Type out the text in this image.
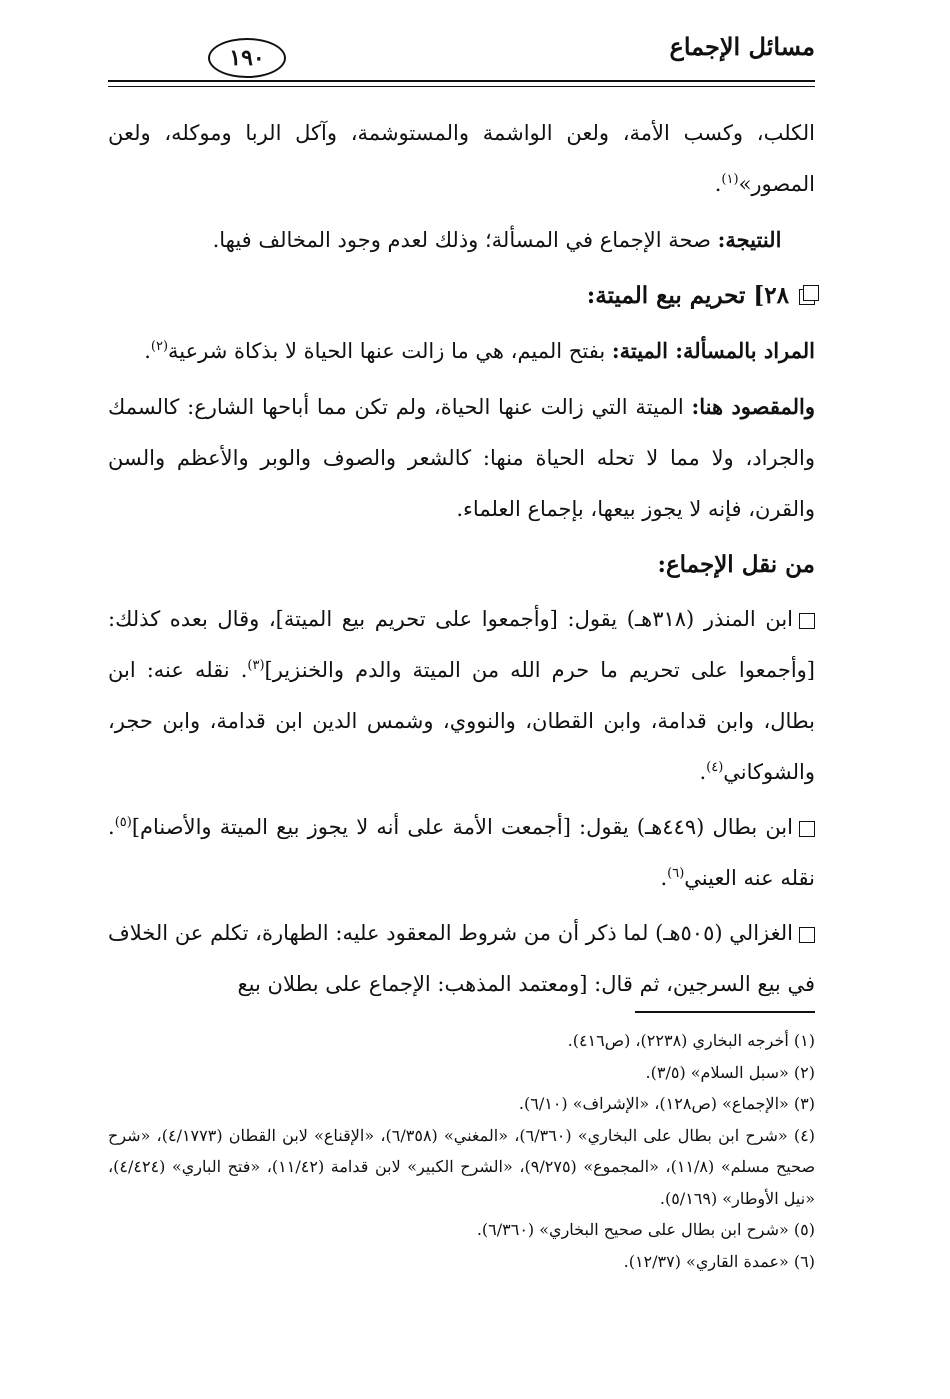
مسائل الإجماع
١٩٠

الكلب، وكسب الأمة، ولعن الواشمة والمستوشمة، وآكل الربا وموكله، ولعن المصور»$^{(١)}$.

النتيجة: صحة الإجماع في المسألة؛ وذلك لعدم وجود المخالف فيها.

٢٨] تحريم بيع الميتة:

المراد بالمسألة: الميتة: بفتح الميم، هي ما زالت عنها الحياة لا بذكاة شرعية$^{(٢)}$.

والمقصود هنا: الميتة التي زالت عنها الحياة، ولم تكن مما أباحها الشارع: كالسمك والجراد، ولا مما لا تحله الحياة منها: كالشعر والصوف والوبر والأعظم والسن والقرن، فإنه لا يجوز بيعها، بإجماع العلماء.

من نقل الإجماع:

ابن المنذر (٣١٨هـ) يقول: [وأجمعوا على تحريم بيع الميتة]، وقال بعده كذلك: [وأجمعوا على تحريم ما حرم الله من الميتة والدم والخنزير]$^{(٣)}$. نقله عنه: ابن بطال، وابن قدامة، وابن القطان، والنووي، وشمس الدين ابن قدامة، وابن حجر، والشوكاني$^{(٤)}$.

ابن بطال (٤٤٩هـ) يقول: [أجمعت الأمة على أنه لا يجوز بيع الميتة والأصنام]$^{(٥)}$. نقله عنه العيني$^{(٦)}$.

الغزالي (٥٠٥هـ) لما ذكر أن من شروط المعقود عليه: الطهارة، تكلم عن الخلاف في بيع السرجين، ثم قال: [ومعتمد المذهب: الإجماع على بطلان بيع

(١) أخرجه البخاري (٢٢٣٨)، (ص٤١٦).

(٢) «سبل السلام» (٣/٥).

(٣) «الإجماع» (ص١٢٨)، «الإشراف» (٦/١٠).

(٤) «شرح ابن بطال على البخاري» (٦/٣٦٠)، «المغني» (٦/٣٥٨)، «الإقناع» لابن القطان (٤/١٧٧٣)، «شرح صحيح مسلم» (١١/٨)، «المجموع» (٩/٢٧٥)، «الشرح الكبير» لابن قدامة (١١/٤٢)، «فتح الباري» (٤/٤٢٤)، «نيل الأوطار» (٥/١٦٩).

(٥) «شرح ابن بطال على صحيح البخاري» (٦/٣٦٠).

(٦) «عمدة القاري» (١٢/٣٧).
